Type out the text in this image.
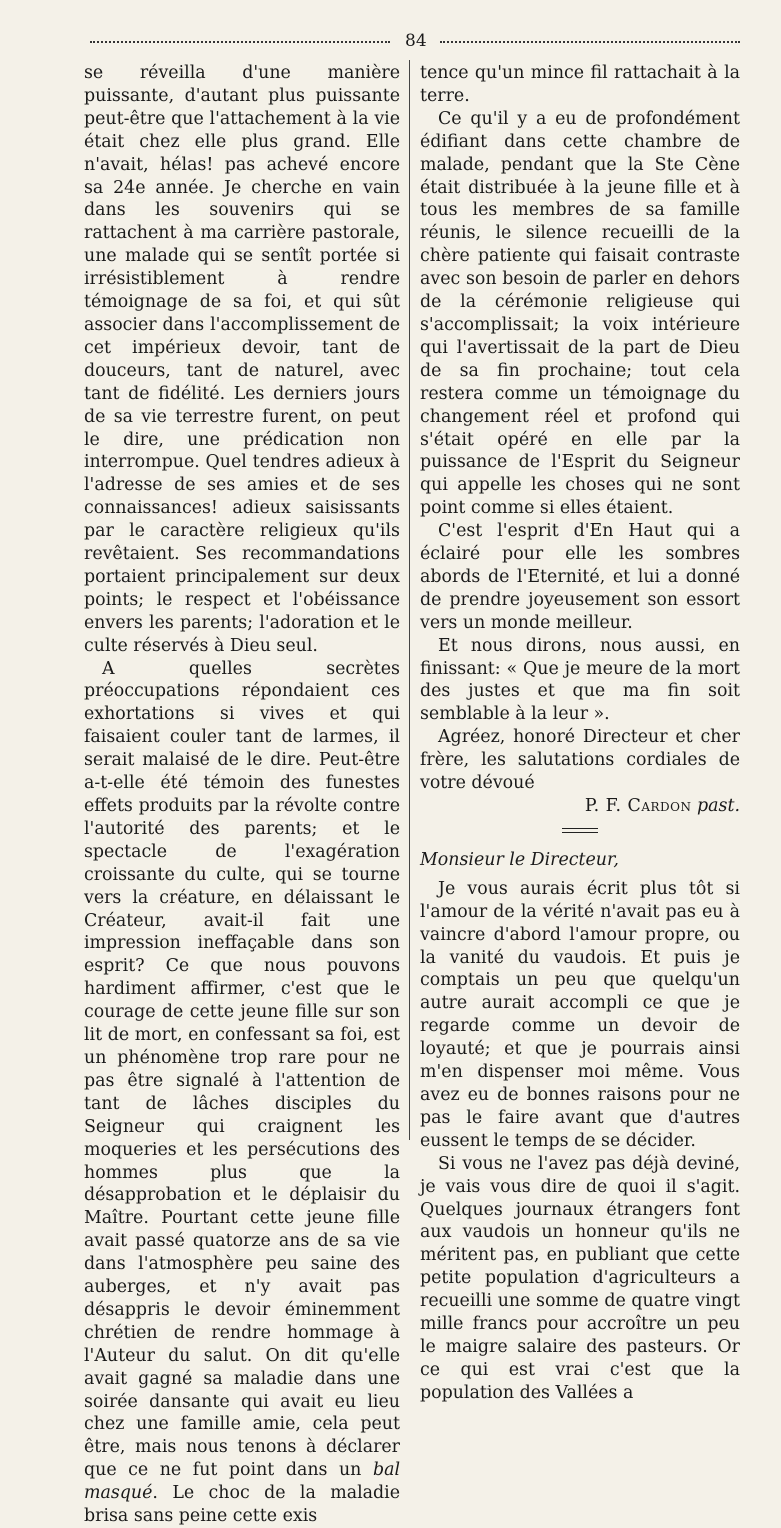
84

se réveilla d'une manière puissante, d'autant plus puissante peut-être que l'attachement à la vie était chez elle plus grand. Elle n'avait, hélas! pas achevé encore sa 24e année. Je cherche en vain dans les souvenirs qui se rattachent à ma carrière pastorale, une malade qui se sentît portée si irrésistiblement à rendre témoignage de sa foi, et qui sût associer dans l'accomplissement de cet impérieux devoir, tant de douceurs, tant de naturel, avec tant de fidélité. Les derniers jours de sa vie terrestre furent, on peut le dire, une prédication non interrompue. Quel tendres adieux à l'adresse de ses amies et de ses connaissances! adieux saisissants par le caractère religieux qu'ils revêtaient. Ses recommandations portaient principalement sur deux points; le respect et l'obéissance envers les parents; l'adoration et le culte réservés à Dieu seul.

A quelles secrètes préoccupations répondaient ces exhortations si vives et qui faisaient couler tant de larmes, il serait malaisé de le dire. Peut-être a-t-elle été témoin des funestes effets produits par la révolte contre l'autorité des parents; et le spectacle de l'exagération croissante du culte, qui se tourne vers la créature, en délaissant le Créateur, avait-il fait une impression ineffaçable dans son esprit? Ce que nous pouvons hardiment affirmer, c'est que le courage de cette jeune fille sur son lit de mort, en confessant sa foi, est un phénomène trop rare pour ne pas être signalé à l'attention de tant de lâches disciples du Seigneur qui craignent les moqueries et les persécutions des hommes plus que la désapprobation et le déplaisir du Maître. Pourtant cette jeune fille avait passé quatorze ans de sa vie dans l'atmosphère peu saine des auberges, et n'y avait pas désappris le devoir éminemment chrétien de rendre hommage à l'Auteur du salut. On dit qu'elle avait gagné sa maladie dans une soirée dansante qui avait eu lieu chez une famille amie, cela peut être, mais nous tenons à déclarer que ce ne fut point dans un bal masqué. Le choc de la maladie brisa sans peine cette exis

tence qu'un mince fil rattachait à la terre.

Ce qu'il y a eu de profondément édifiant dans cette chambre de malade, pendant que la Ste Cène était distribuée à la jeune fille et à tous les membres de sa famille réunis, le silence recueilli de la chère patiente qui faisait contraste avec son besoin de parler en dehors de la cérémonie religieuse qui s'accomplissait; la voix intérieure qui l'avertissait de la part de Dieu de sa fin prochaine; tout cela restera comme un témoignage du changement réel et profond qui s'était opéré en elle par la puissance de l'Esprit du Seigneur qui appelle les choses qui ne sont point comme si elles étaient.

C'est l'esprit d'En Haut qui a éclairé pour elle les sombres abords de l'Eternité, et lui a donné de prendre joyeusement son essort vers un monde meilleur.

Et nous dirons, nous aussi, en finissant: « Que je meure de la mort des justes et que ma fin soit semblable à la leur ».

Agréez, honoré Directeur et cher frère, les salutations cordiales de votre dévoué

P. F. Cardon past.

Monsieur le Directeur,

Je vous aurais écrit plus tôt si l'amour de la vérité n'avait pas eu à vaincre d'abord l'amour propre, ou la vanité du vaudois. Et puis je comptais un peu que quelqu'un autre aurait accompli ce que je regarde comme un devoir de loyauté; et que je pourrais ainsi m'en dispenser moi même. Vous avez eu de bonnes raisons pour ne pas le faire avant que d'autres eussent le temps de se décider.

Si vous ne l'avez pas déjà deviné, je vais vous dire de quoi il s'agit. Quelques journaux étrangers font aux vaudois un honneur qu'ils ne méritent pas, en publiant que cette petite population d'agriculteurs a recueilli une somme de quatre vingt mille francs pour accroître un peu le maigre salaire des pasteurs. Or ce qui est vrai c'est que la population des Vallées a
